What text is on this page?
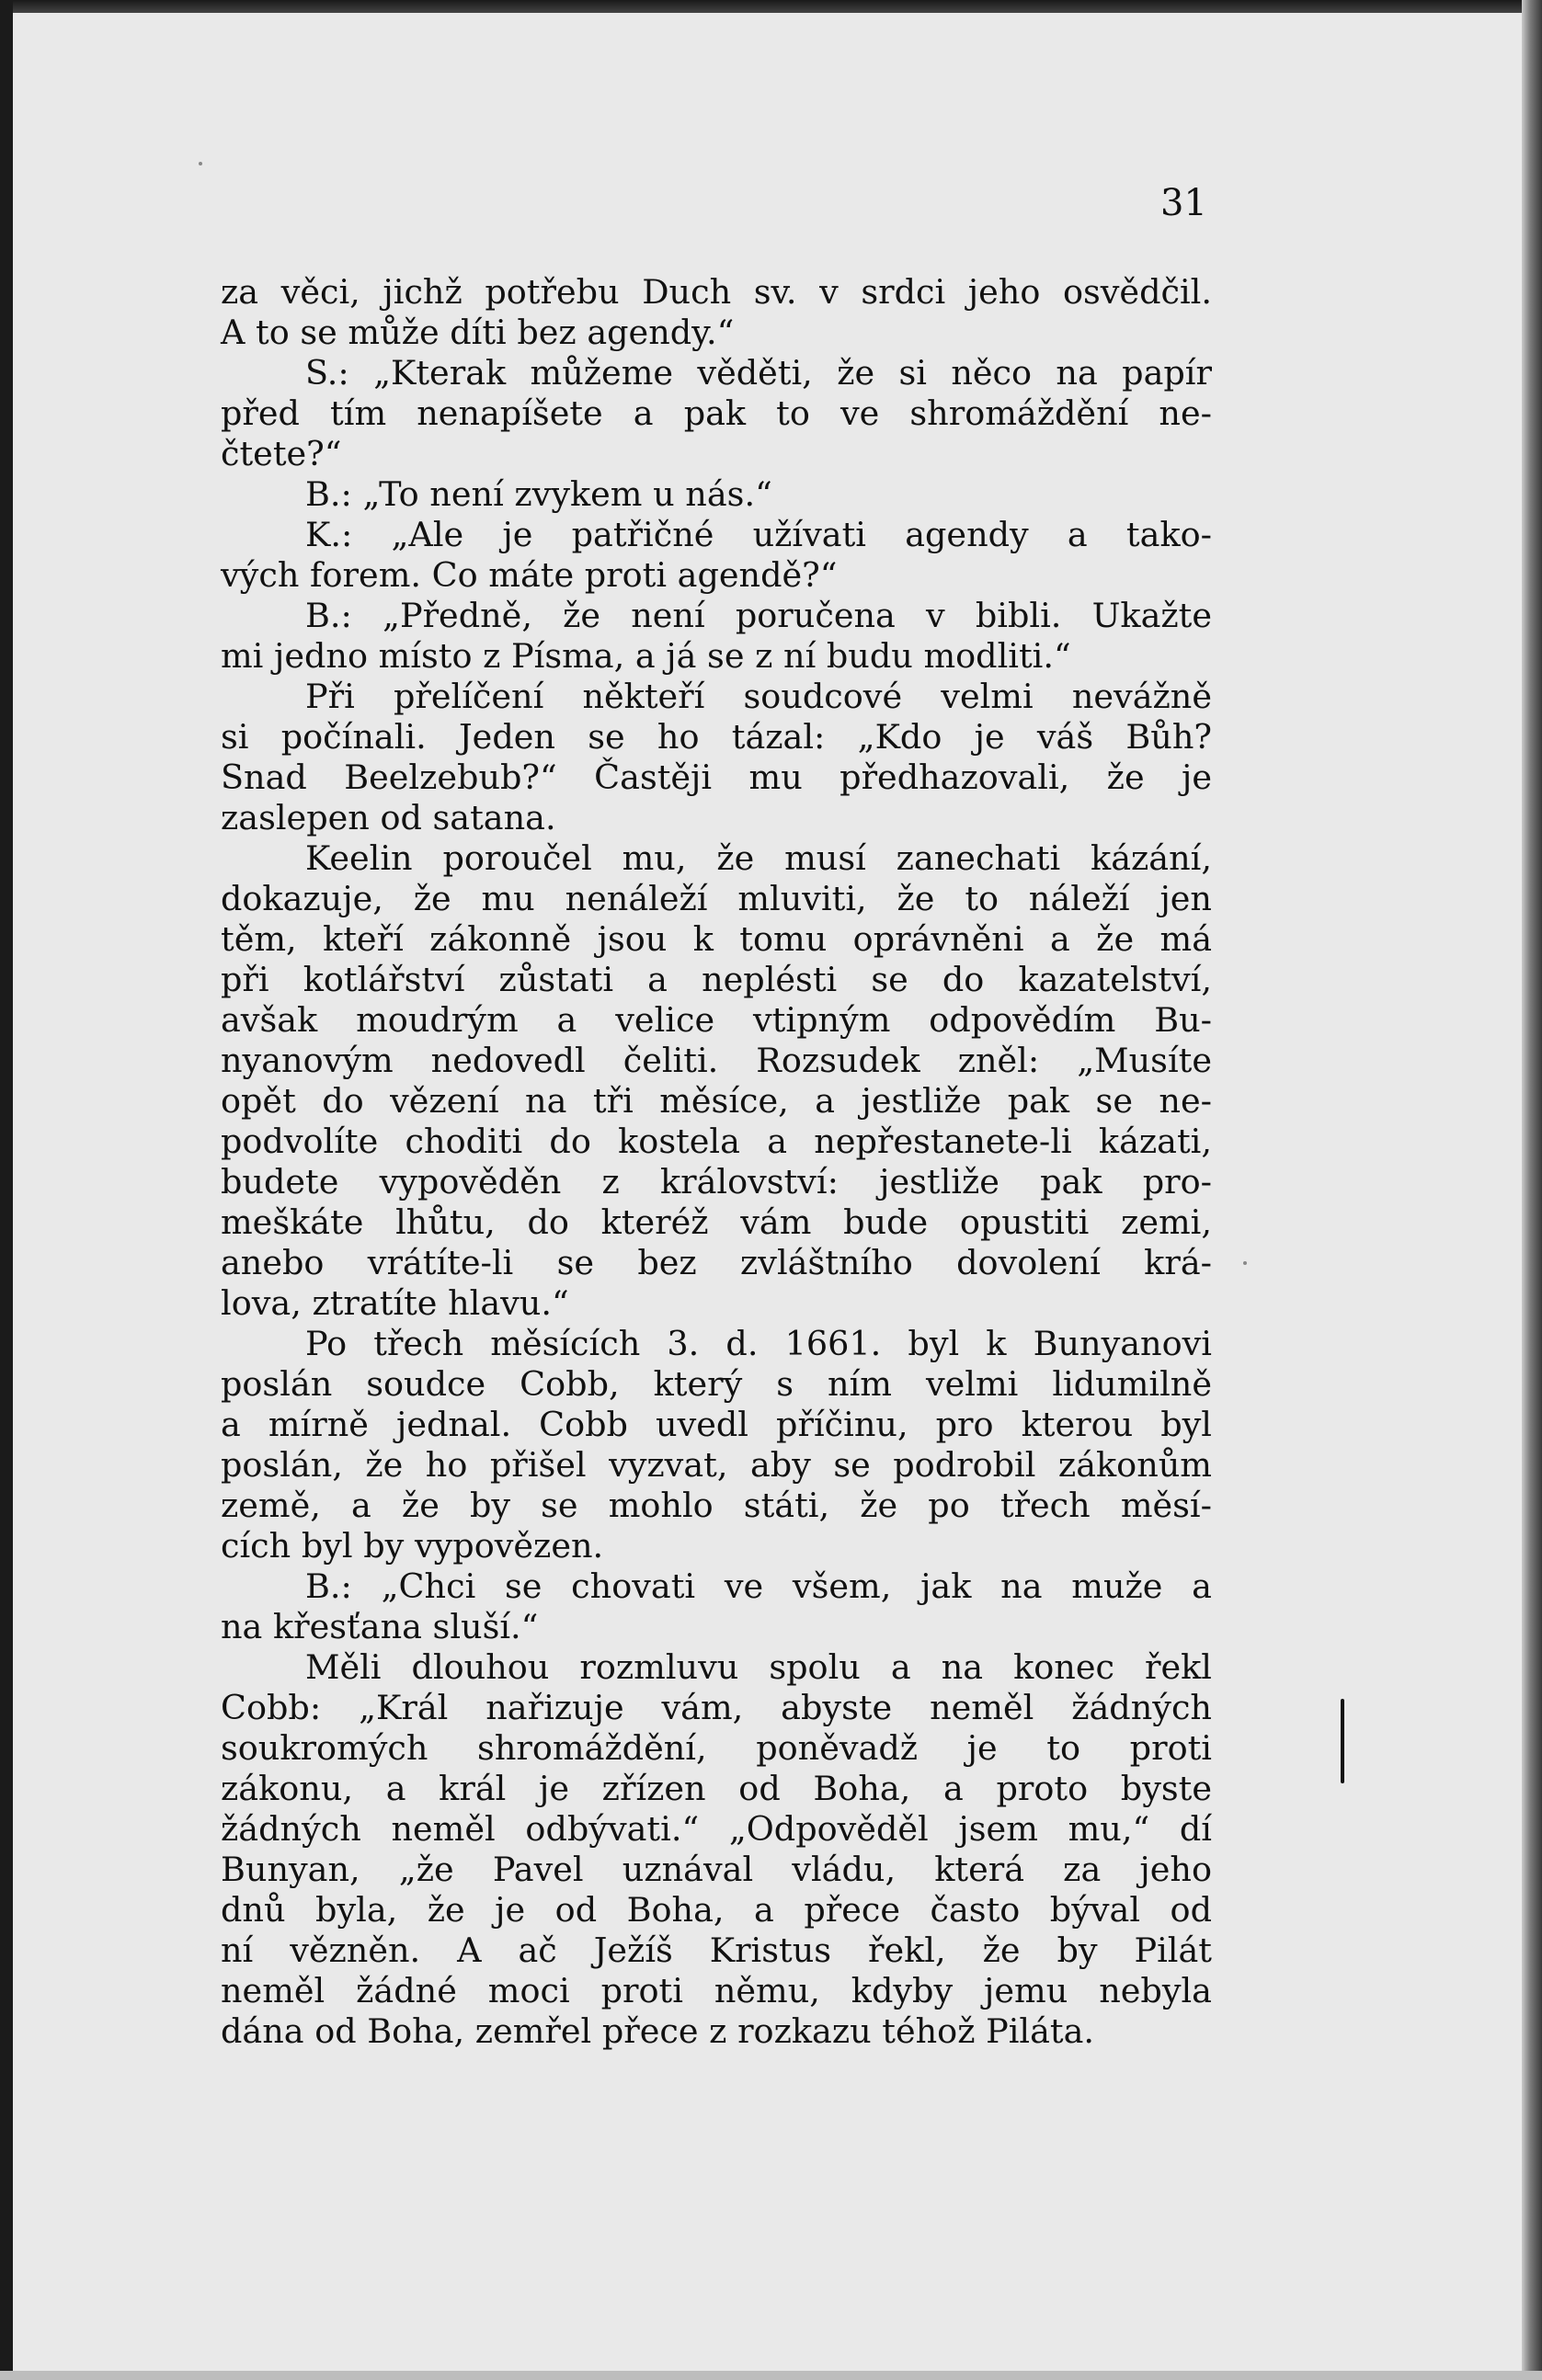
31
za věci, jichž potřebu Duch sv. v srdci jeho osvědčil.
A to se může díti bez agendy.“
S.: „Kterak můžeme věděti, že si něco na papír
před tím nenapíšete a pak to ve shromáždění ne-
čtete?“
B.: „To není zvykem u nás.“
K.: „Ale je patřičné užívati agendy a tako-
vých forem. Co máte proti agendě?“
B.: „Předně, že není poručena v bibli. Ukažte
mi jedno místo z Písma, a já se z ní budu modliti.“
Při přelíčení někteří soudcové velmi nevážně
si počínali. Jeden se ho tázal: „Kdo je váš Bůh?
Snad Beelzebub?“ Častěji mu předhazovali, že je
zaslepen od satana.
Keelin poroučel mu, že musí zanechati kázání,
dokazuje, že mu nenáleží mluviti, že to náleží jen
těm, kteří zákonně jsou k tomu oprávněni a že má
při kotlářství zůstati a neplésti se do kazatelství,
avšak moudrým a velice vtipným odpovědím Bu-
nyanovým nedovedl čeliti. Rozsudek zněl: „Musíte
opět do vězení na tři měsíce, a jestliže pak se ne-
podvolíte choditi do kostela a nepřestanete-li kázati,
budete vypověděn z království: jestliže pak pro-
meškáte lhůtu, do kteréž vám bude opustiti zemi,
anebo vrátíte-li se bez zvláštního dovolení krá-
lova, ztratíte hlavu.“
Po třech měsících 3. d. 1661. byl k Bunyanovi
poslán soudce Cobb, který s ním velmi lidumilně
a mírně jednal. Cobb uvedl příčinu, pro kterou byl
poslán, že ho přišel vyzvat, aby se podrobil zákonům
země, a že by se mohlo státi, že po třech měsí-
cích byl by vypovězen.
B.: „Chci se chovati ve všem, jak na muže a
na křesťana sluší.“
Měli dlouhou rozmluvu spolu a na konec řekl
Cobb: „Král nařizuje vám, abyste neměl žádných
soukromých shromáždění, poněvadž je to proti
zákonu, a král je zřízen od Boha, a proto byste
žádných neměl odbývati.“ „Odpověděl jsem mu,“ dí
Bunyan, „že Pavel uznával vládu, která za jeho
dnů byla, že je od Boha, a přece často býval od
ní vězněn. A ač Ježíš Kristus řekl, že by Pilát
neměl žádné moci proti němu, kdyby jemu nebyla
dána od Boha, zemřel přece z rozkazu téhož Piláta.
